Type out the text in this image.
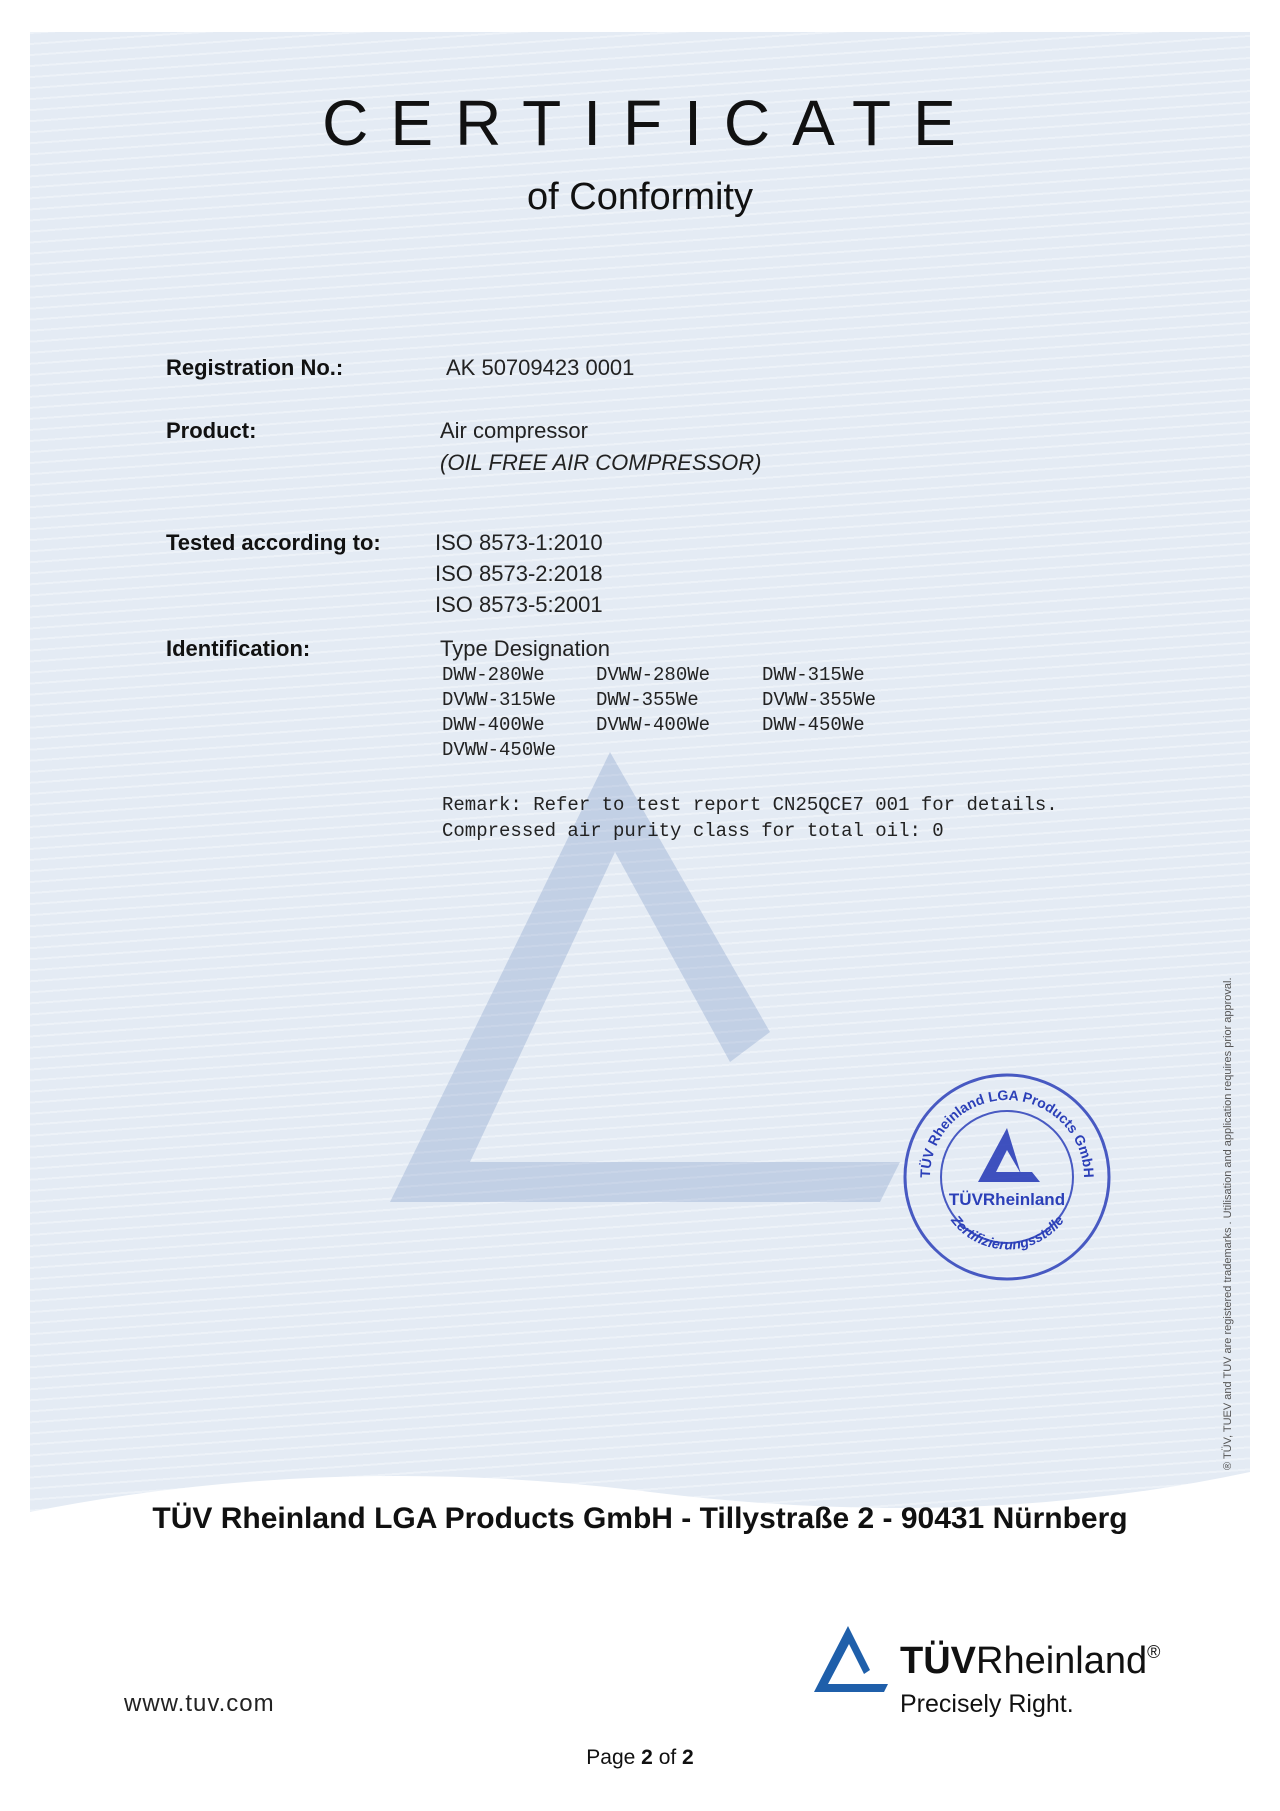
CERTIFICATE
of Conformity
Registration No.:	AK 50709423 0001
Product:	Air compressor
(OIL FREE AIR COMPRESSOR)
Tested according to: ISO 8573-1:2010
ISO 8573-2:2018
ISO 8573-5:2001
Identification:	Type Designation
DWW-280We	DVWW-280We	DWW-315We
DVWW-315We	DWW-355We	DVWW-355We
DWW-400We	DVWW-400We	DWW-450We
DVWW-450We
Remark: Refer to test report CN25QCE7 001 for details.
Compressed air purity class for total oil: 0
® TÜV, TUEV and TUV are registered trademarks . Utilisation and application requires prior approval.
TÜV Rheinland LGA Products GmbH
Zertifizierungsstelle
TÜVRheinland
TÜV Rheinland LGA Products GmbH - Tillystraße 2 - 90431 Nürnberg
www.tuv.com
TÜVRheinland®
Precisely Right.
Page 2 of 2
